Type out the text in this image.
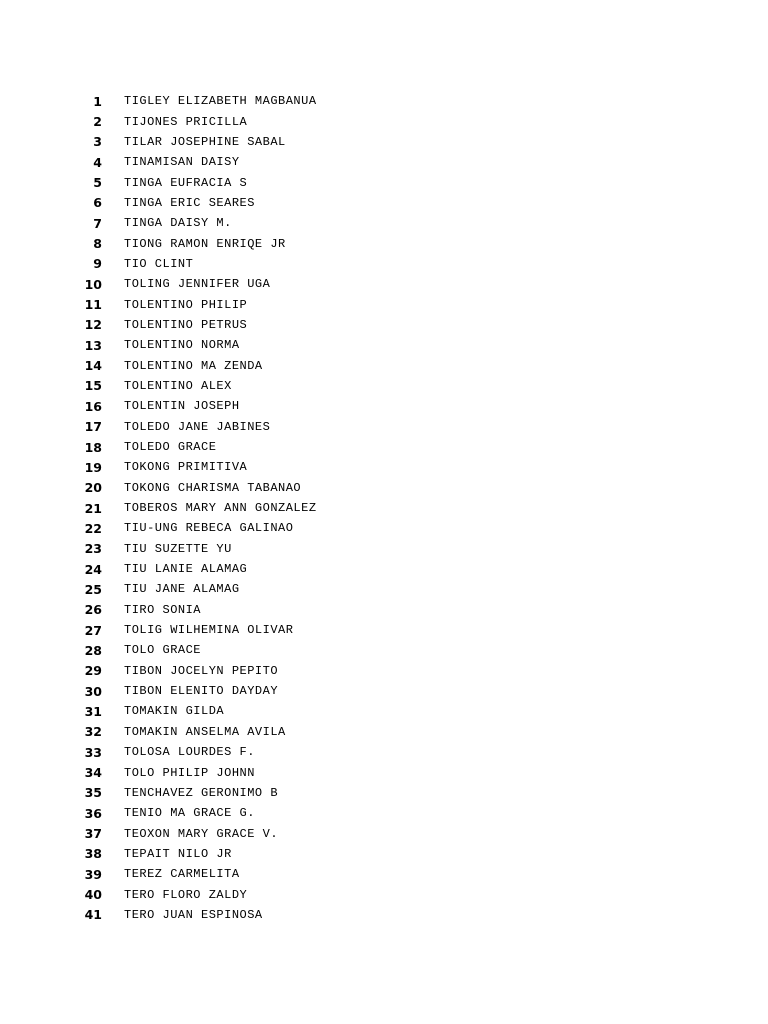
1	TIGLEY ELIZABETH MAGBANUA
2	TIJONES PRICILLA
3	TILAR JOSEPHINE SABAL
4	TINAMISAN DAISY
5	TINGA EUFRACIA S
6	TINGA ERIC SEARES
7	TINGA DAISY M.
8	TIONG RAMON ENRIQE JR
9	TIO CLINT
10	TOLING JENNIFER UGA
11	TOLENTINO PHILIP
12	TOLENTINO PETRUS
13	TOLENTINO NORMA
14	TOLENTINO MA ZENDA
15	TOLENTINO ALEX
16	TOLENTIN JOSEPH
17	TOLEDO JANE JABINES
18	TOLEDO GRACE
19	TOKONG PRIMITIVA
20	TOKONG CHARISMA TABANAO
21	TOBEROS MARY ANN GONZALEZ
22	TIU-UNG REBECA GALINAO
23	TIU SUZETTE YU
24	TIU LANIE ALAMAG
25	TIU JANE ALAMAG
26	TIRO SONIA
27	TOLIG WILHEMINA OLIVAR
28	TOLO GRACE
29	TIBON JOCELYN PEPITO
30	TIBON ELENITO DAYDAY
31	TOMAKIN GILDA
32	TOMAKIN ANSELMA AVILA
33	TOLOSA LOURDES F.
34	TOLO PHILIP JOHNN
35	TENCHAVEZ GERONIMO B
36	TENIO MA GRACE G.
37	TEOXON MARY GRACE V.
38	TEPAIT NILO JR
39	TEREZ CARMELITA
40	TERO FLORO ZALDY
41	TERO JUAN ESPINOSA
